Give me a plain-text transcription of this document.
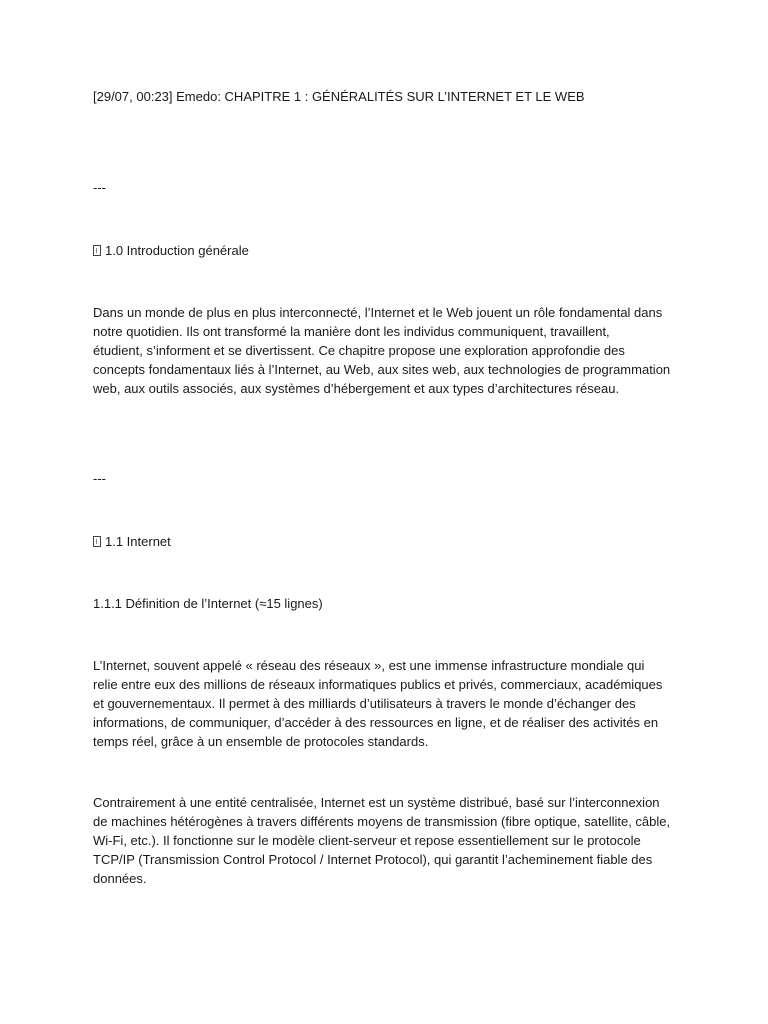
[29/07, 00:23] Emedo: CHAPITRE 1 : GÉNÉRALITÉS SUR L’INTERNET ET LE WEB

---

1.0 Introduction générale

Dans un monde de plus en plus interconnecté, l’Internet et le Web jouent un rôle fondamental dans
notre quotidien. Ils ont transformé la manière dont les individus communiquent, travaillent,
étudient, s’informent et se divertissent. Ce chapitre propose une exploration approfondie des
concepts fondamentaux liés à l’Internet, au Web, aux sites web, aux technologies de programmation
web, aux outils associés, aux systèmes d’hébergement et aux types d’architectures réseau.

---

1.1 Internet

1.1.1 Définition de l’Internet (≈15 lignes)

L’Internet, souvent appelé « réseau des réseaux », est une immense infrastructure mondiale qui
relie entre eux des millions de réseaux informatiques publics et privés, commerciaux, académiques
et gouvernementaux. Il permet à des milliards d’utilisateurs à travers le monde d’échanger des
informations, de communiquer, d’accéder à des ressources en ligne, et de réaliser des activités en
temps réel, grâce à un ensemble de protocoles standards.
Contrairement à une entité centralisée, Internet est un système distribué, basé sur l’interconnexion
de machines hétérogènes à travers différents moyens de transmission (fibre optique, satellite, câble,
Wi-Fi, etc.). Il fonctionne sur le modèle client-serveur et repose essentiellement sur le protocole
TCP/IP (Transmission Control Protocol / Internet Protocol), qui garantit l’acheminement fiable des
données.
